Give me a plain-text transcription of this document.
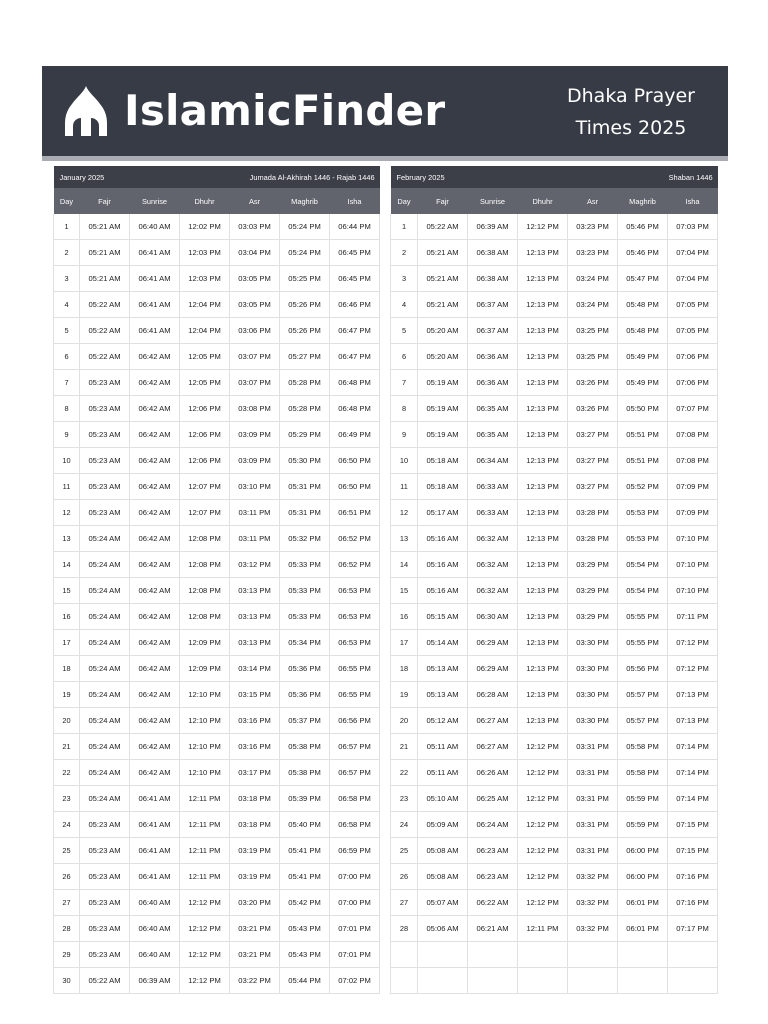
IslamicFinder	Dhaka Prayer
Times 2025
January 2025			Jumada Al-Akhirah 1446 - Rajab 1446			
Day	Fajr	Sunrise	Dhuhr	Asr	Maghrib	Isha
1	05:21 AM	06:40 AM	12:02 PM	03:03 PM	05:24 PM	06:44 PM
2	05:21 AM	06:41 AM	12:03 PM	03:04 PM	05:24 PM	06:45 PM
3	05:21 AM	06:41 AM	12:03 PM	03:05 PM	05:25 PM	06:45 PM
4	05:22 AM	06:41 AM	12:04 PM	03:05 PM	05:26 PM	06:46 PM
5	05:22 AM	06:41 AM	12:04 PM	03:06 PM	05:26 PM	06:47 PM
6	05:22 AM	06:42 AM	12:05 PM	03:07 PM	05:27 PM	06:47 PM
7	05:23 AM	06:42 AM	12:05 PM	03:07 PM	05:28 PM	06:48 PM
8	05:23 AM	06:42 AM	12:06 PM	03:08 PM	05:28 PM	06:48 PM
9	05:23 AM	06:42 AM	12:06 PM	03:09 PM	05:29 PM	06:49 PM
10	05:23 AM	06:42 AM	12:06 PM	03:09 PM	05:30 PM	06:50 PM
11	05:23 AM	06:42 AM	12:07 PM	03:10 PM	05:31 PM	06:50 PM
12	05:23 AM	06:42 AM	12:07 PM	03:11 PM	05:31 PM	06:51 PM
13	05:24 AM	06:42 AM	12:08 PM	03:11 PM	05:32 PM	06:52 PM
14	05:24 AM	06:42 AM	12:08 PM	03:12 PM	05:33 PM	06:52 PM
15	05:24 AM	06:42 AM	12:08 PM	03:13 PM	05:33 PM	06:53 PM
16	05:24 AM	06:42 AM	12:08 PM	03:13 PM	05:33 PM	06:53 PM
17	05:24 AM	06:42 AM	12:09 PM	03:13 PM	05:34 PM	06:53 PM
18	05:24 AM	06:42 AM	12:09 PM	03:14 PM	05:36 PM	06:55 PM
19	05:24 AM	06:42 AM	12:10 PM	03:15 PM	05:36 PM	06:55 PM
20	05:24 AM	06:42 AM	12:10 PM	03:16 PM	05:37 PM	06:56 PM
21	05:24 AM	06:42 AM	12:10 PM	03:16 PM	05:38 PM	06:57 PM
22	05:24 AM	06:42 AM	12:10 PM	03:17 PM	05:38 PM	06:57 PM
23	05:24 AM	06:41 AM	12:11 PM	03:18 PM	05:39 PM	06:58 PM
24	05:23 AM	06:41 AM	12:11 PM	03:18 PM	05:40 PM	06:58 PM
25	05:23 AM	06:41 AM	12:11 PM	03:19 PM	05:41 PM	06:59 PM
26	05:23 AM	06:41 AM	12:11 PM	03:19 PM	05:41 PM	07:00 PM
27	05:23 AM	06:40 AM	12:12 PM	03:20 PM	05:42 PM	07:00 PM
28	05:23 AM	06:40 AM	12:12 PM	03:21 PM	05:43 PM	07:01 PM
29	05:23 AM	06:40 AM	12:12 PM	03:21 PM	05:43 PM	07:01 PM
30	05:22 AM	06:39 AM	12:12 PM	03:22 PM	05:44 PM	07:02 PM
February 2025			Shaban 1446			
Day	Fajr	Sunrise	Dhuhr	Asr	Maghrib	Isha
1	05:22 AM	06:39 AM	12:12 PM	03:23 PM	05:46 PM	07:03 PM
2	05:21 AM	06:38 AM	12:13 PM	03:23 PM	05:46 PM	07:04 PM
3	05:21 AM	06:38 AM	12:13 PM	03:24 PM	05:47 PM	07:04 PM
4	05:21 AM	06:37 AM	12:13 PM	03:24 PM	05:48 PM	07:05 PM
5	05:20 AM	06:37 AM	12:13 PM	03:25 PM	05:48 PM	07:05 PM
6	05:20 AM	06:36 AM	12:13 PM	03:25 PM	05:49 PM	07:06 PM
7	05:19 AM	06:36 AM	12:13 PM	03:26 PM	05:49 PM	07:06 PM
8	05:19 AM	06:35 AM	12:13 PM	03:26 PM	05:50 PM	07:07 PM
9	05:19 AM	06:35 AM	12:13 PM	03:27 PM	05:51 PM	07:08 PM
10	05:18 AM	06:34 AM	12:13 PM	03:27 PM	05:51 PM	07:08 PM
11	05:18 AM	06:33 AM	12:13 PM	03:27 PM	05:52 PM	07:09 PM
12	05:17 AM	06:33 AM	12:13 PM	03:28 PM	05:53 PM	07:09 PM
13	05:16 AM	06:32 AM	12:13 PM	03:28 PM	05:53 PM	07:10 PM
14	05:16 AM	06:32 AM	12:13 PM	03:29 PM	05:54 PM	07:10 PM
15	05:16 AM	06:32 AM	12:13 PM	03:29 PM	05:54 PM	07:10 PM
16	05:15 AM	06:30 AM	12:13 PM	03:29 PM	05:55 PM	07:11 PM
17	05:14 AM	06:29 AM	12:13 PM	03:30 PM	05:55 PM	07:12 PM
18	05:13 AM	06:29 AM	12:13 PM	03:30 PM	05:56 PM	07:12 PM
19	05:13 AM	06:28 AM	12:13 PM	03:30 PM	05:57 PM	07:13 PM
20	05:12 AM	06:27 AM	12:13 PM	03:30 PM	05:57 PM	07:13 PM
21	05:11 AM	06:27 AM	12:12 PM	03:31 PM	05:58 PM	07:14 PM
22	05:11 AM	06:26 AM	12:12 PM	03:31 PM	05:58 PM	07:14 PM
23	05:10 AM	06:25 AM	12:12 PM	03:31 PM	05:59 PM	07:14 PM
24	05:09 AM	06:24 AM	12:12 PM	03:31 PM	05:59 PM	07:15 PM
25	05:08 AM	06:23 AM	12:12 PM	03:31 PM	06:00 PM	07:15 PM
26	05:08 AM	06:23 AM	12:12 PM	03:32 PM	06:00 PM	07:16 PM
27	05:07 AM	06:22 AM	12:12 PM	03:32 PM	06:01 PM	07:16 PM
28	05:06 AM	06:21 AM	12:11 PM	03:32 PM	06:01 PM	07:17 PM
